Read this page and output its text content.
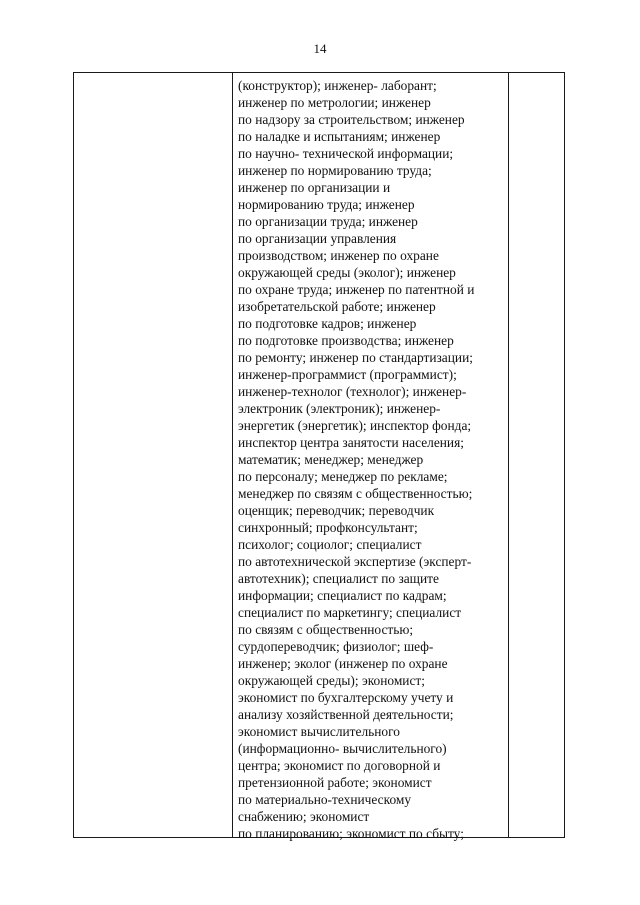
14
(конструктор); инженер- лаборант;
инженер по метрологии; инженер
по надзору за строительством; инженер
по наладке и испытаниям; инженер
по научно- технической информации;
инженер по нормированию труда;
инженер по организации и
нормированию труда; инженер
по организации труда; инженер
по организации управления
производством; инженер по охране
окружающей среды (эколог); инженер
по охране труда; инженер по патентной и
изобретательской работе; инженер
по подготовке кадров; инженер
по подготовке производства; инженер
по ремонту; инженер по стандартизации;
инженер-программист (программист);
инженер-технолог (технолог); инженер-
электроник (электроник); инженер-
энергетик (энергетик); инспектор фонда;
инспектор центра занятости населения;
математик; менеджер; менеджер
по персоналу; менеджер по рекламе;
менеджер по связям с общественностью;
оценщик; переводчик; переводчик
синхронный; профконсультант;
психолог; социолог; специалист
по автотехнической экспертизе (эксперт-
автотехник); специалист по защите
информации; специалист по кадрам;
специалист по маркетингу; специалист
по связям с общественностью;
сурдопереводчик; физиолог; шеф-
инженер; эколог (инженер по охране
окружающей среды); экономист;
экономист по бухгалтерскому учету и
анализу хозяйственной деятельности;
экономист вычислительного
(информационно- вычислительного)
центра; экономист по договорной и
претензионной работе; экономист
по материально-техническому
снабжению; экономист
по планированию; экономист по сбыту;
